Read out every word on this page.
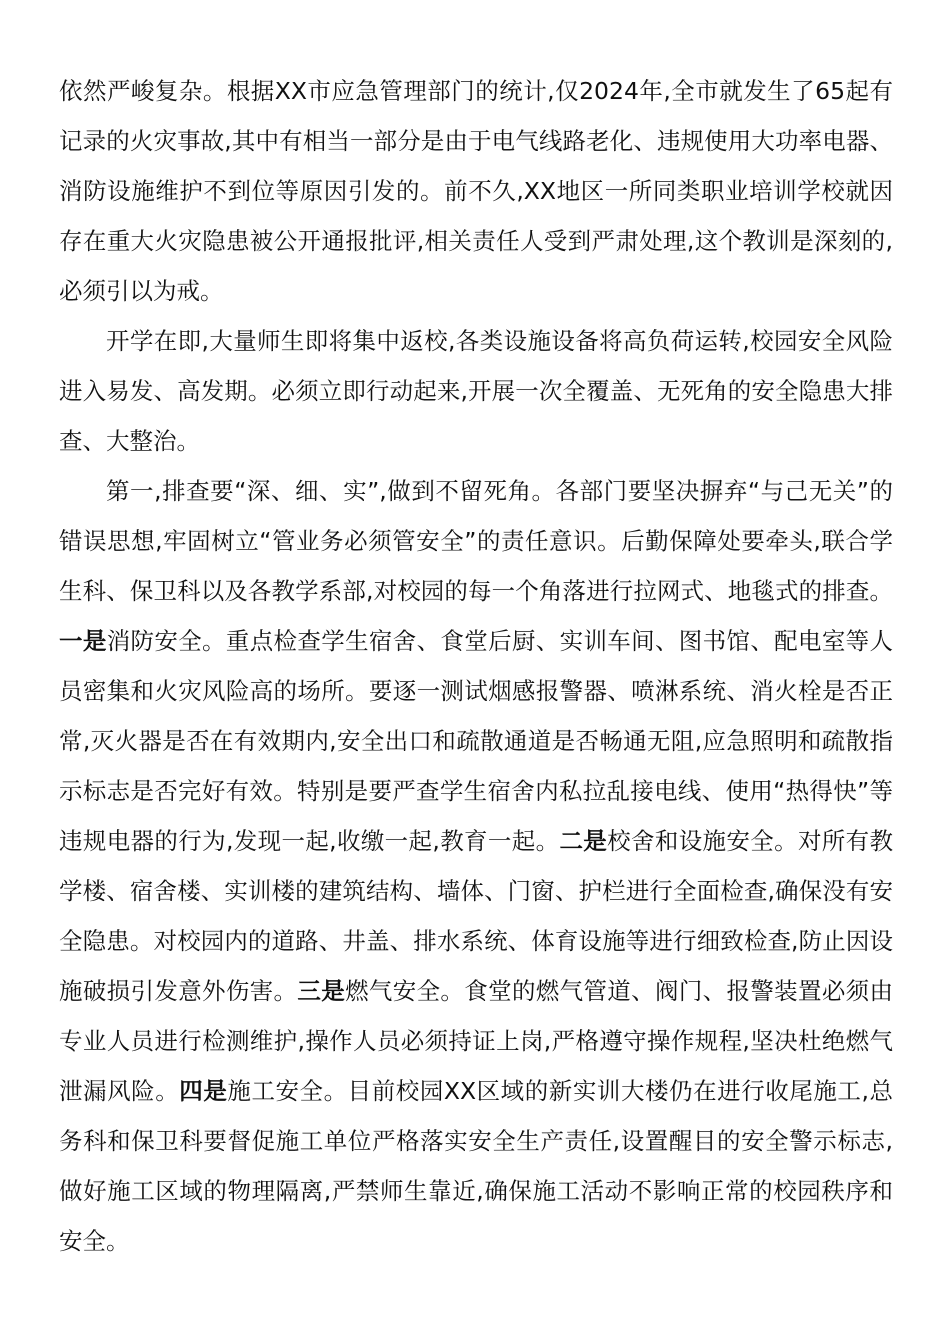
依然严峻复杂。根据XX市应急管理部门的统计,仅2024年,全市就发生了65起有记录的火灾事故,其中有相当一部分是由于电气线路老化、违规使用大功率电器、消防设施维护不到位等原因引发的。前不久,XX地区一所同类职业培训学校就因存在重大火灾隐患被公开通报批评,相关责任人受到严肃处理,这个教训是深刻的,必须引以为戒。

开学在即,大量师生即将集中返校,各类设施设备将高负荷运转,校园安全风险进入易发、高发期。必须立即行动起来,开展一次全覆盖、无死角的安全隐患大排查、大整治。

第一,排查要“深、细、实”,做到不留死角。各部门要坚决摒弃“与己无关”的错误思想,牢固树立“管业务必须管安全”的责任意识。后勤保障处要牵头,联合学生科、保卫科以及各教学系部,对校园的每一个角落进行拉网式、地毯式的排查。一是消防安全。重点检查学生宿舍、食堂后厨、实训车间、图书馆、配电室等人员密集和火灾风险高的场所。要逐一测试烟感报警器、喷淋系统、消火栓是否正常,灭火器是否在有效期内,安全出口和疏散通道是否畅通无阻,应急照明和疏散指示标志是否完好有效。特别是要严查学生宿舍内私拉乱接电线、使用“热得快”等违规电器的行为,发现一起,收缴一起,教育一起。二是校舍和设施安全。对所有教学楼、宿舍楼、实训楼的建筑结构、墙体、门窗、护栏进行全面检查,确保没有安全隐患。对校园内的道路、井盖、排水系统、体育设施等进行细致检查,防止因设施破损引发意外伤害。三是燃气安全。食堂的燃气管道、阀门、报警装置必须由专业人员进行检测维护,操作人员必须持证上岗,严格遵守操作规程,坚决杜绝燃气泄漏风险。四是施工安全。目前校园XX区域的新实训大楼仍在进行收尾施工,总务科和保卫科要督促施工单位严格落实安全生产责任,设置醒目的安全警示标志,做好施工区域的物理隔离,严禁师生靠近,确保施工活动不影响正常的校园秩序和安全。
